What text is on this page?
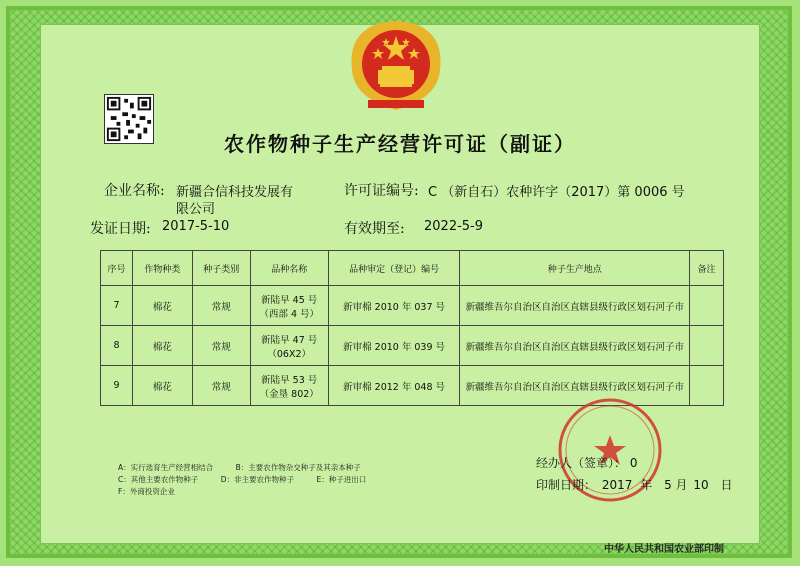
农作物种子生产经营许可证（副证）
企业名称: 新疆合信科技发展有
限公司
许可证编号: C （新自石）农种许字（2017）第 0006 号
发证日期: 2017-5-10	有效期至: 2022-5-9
序号	作物种类	种子类别	品种名称	品种审定（登记）编号	种子生产地点	备注
7	棉花	常规	新陆早 45 号
（西部 4 号）	新审棉 2010 年 037 号	新疆维吾尔自治区自治区直辖县级行政区划石河子市	
8	棉花	常规	新陆早 47 号
（06X2）	新审棉 2010 年 039 号	新疆维吾尔自治区自治区直辖县级行政区划石河子市	
9	棉花	常规	新陆早 53 号
（金垦 802）	新审棉 2012 年 048 号	新疆维吾尔自治区自治区直辖县级行政区划石河子市	
A：实行选育生产经营相结合　　　B：主要农作物杂交种子及其亲本种子
C：其他主要农作物种子　　　D：非主要农作物种子　　　E：种子进出口
F：外商投资企业
经办人（签章）： 0
印制日期： 2017 年 5 月 10 日
中华人民共和国农业部印制
